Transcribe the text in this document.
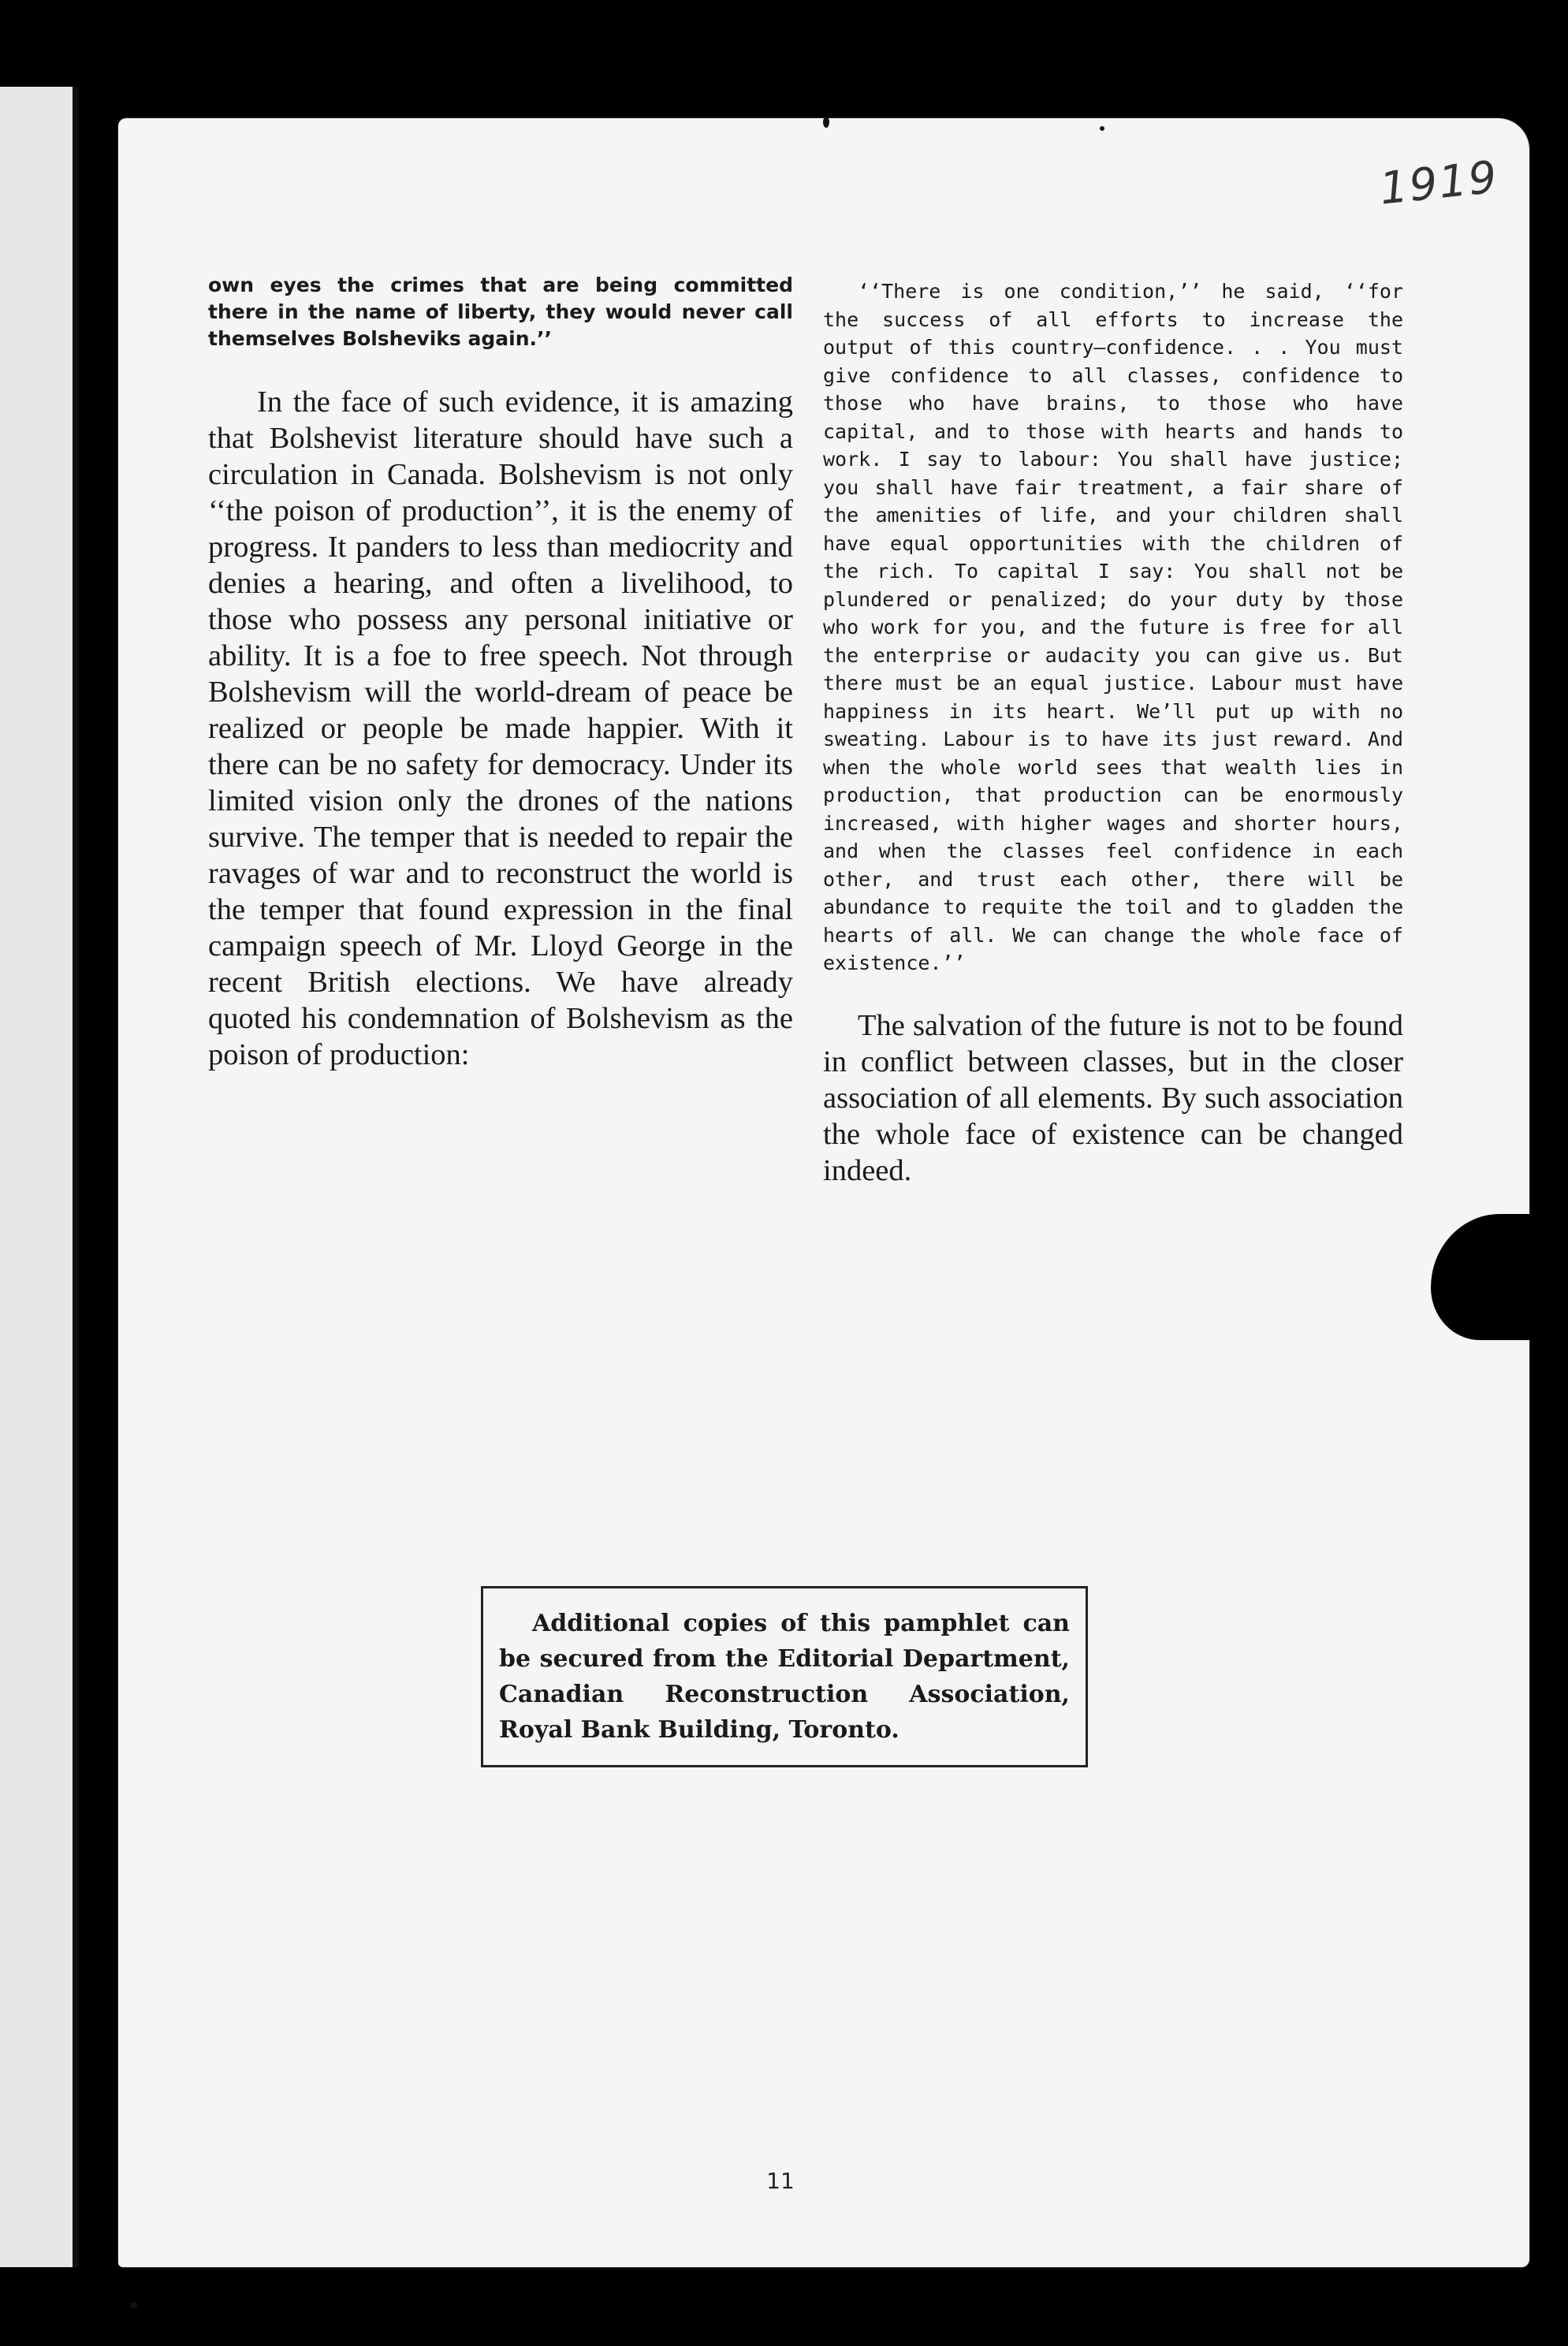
1919

own eyes the crimes that are being committed there in the name of liberty, they would never call themselves Bolsheviks again.’’

In the face of such evidence, it is amazing that Bolshevist literature should have such a circulation in Canada. Bolshevism is not only ‘‘the poison of production’’, it is the enemy of progress. It panders to less than mediocrity and denies a hearing, and often a livelihood, to those who possess any personal initiative or ability. It is a foe to free speech. Not through Bolshevism will the world-dream of peace be realized or people be made happier. With it there can be no safety for democracy. Under its limited vision only the drones of the nations survive. The temper that is needed to repair the ravages of war and to reconstruct the world is the temper that found expression in the final campaign speech of Mr. Lloyd George in the recent British elections. We have already quoted his condemnation of Bolshevism as the poison of production:

‘‘There is one condition,’’ he said, ‘‘for the success of all efforts to increase the output of this country—confidence. . . You must give confidence to all classes, confidence to those who have brains, to those who have capital, and to those with hearts and hands to work. I say to labour: You shall have justice; you shall have fair treatment, a fair share of the amenities of life, and your children shall have equal opportunities with the children of the rich. To capital I say: You shall not be plundered or penalized; do your duty by those who work for you, and the future is free for all the enterprise or audacity you can give us. But there must be an equal justice. Labour must have happiness in its heart. We’ll put up with no sweating. Labour is to have its just reward. And when the whole world sees that wealth lies in production, that production can be enormously increased, with higher wages and shorter hours, and when the classes feel confidence in each other, and trust each other, there will be abundance to requite the toil and to gladden the hearts of all. We can change the whole face of existence.’’

The salvation of the future is not to be found in conflict between classes, but in the closer association of all elements. By such association the whole face of existence can be changed indeed.

Additional copies of this pamphlet can be secured from the Editorial Department, Canadian Reconstruction Association, Royal Bank Building, Toronto.

11
